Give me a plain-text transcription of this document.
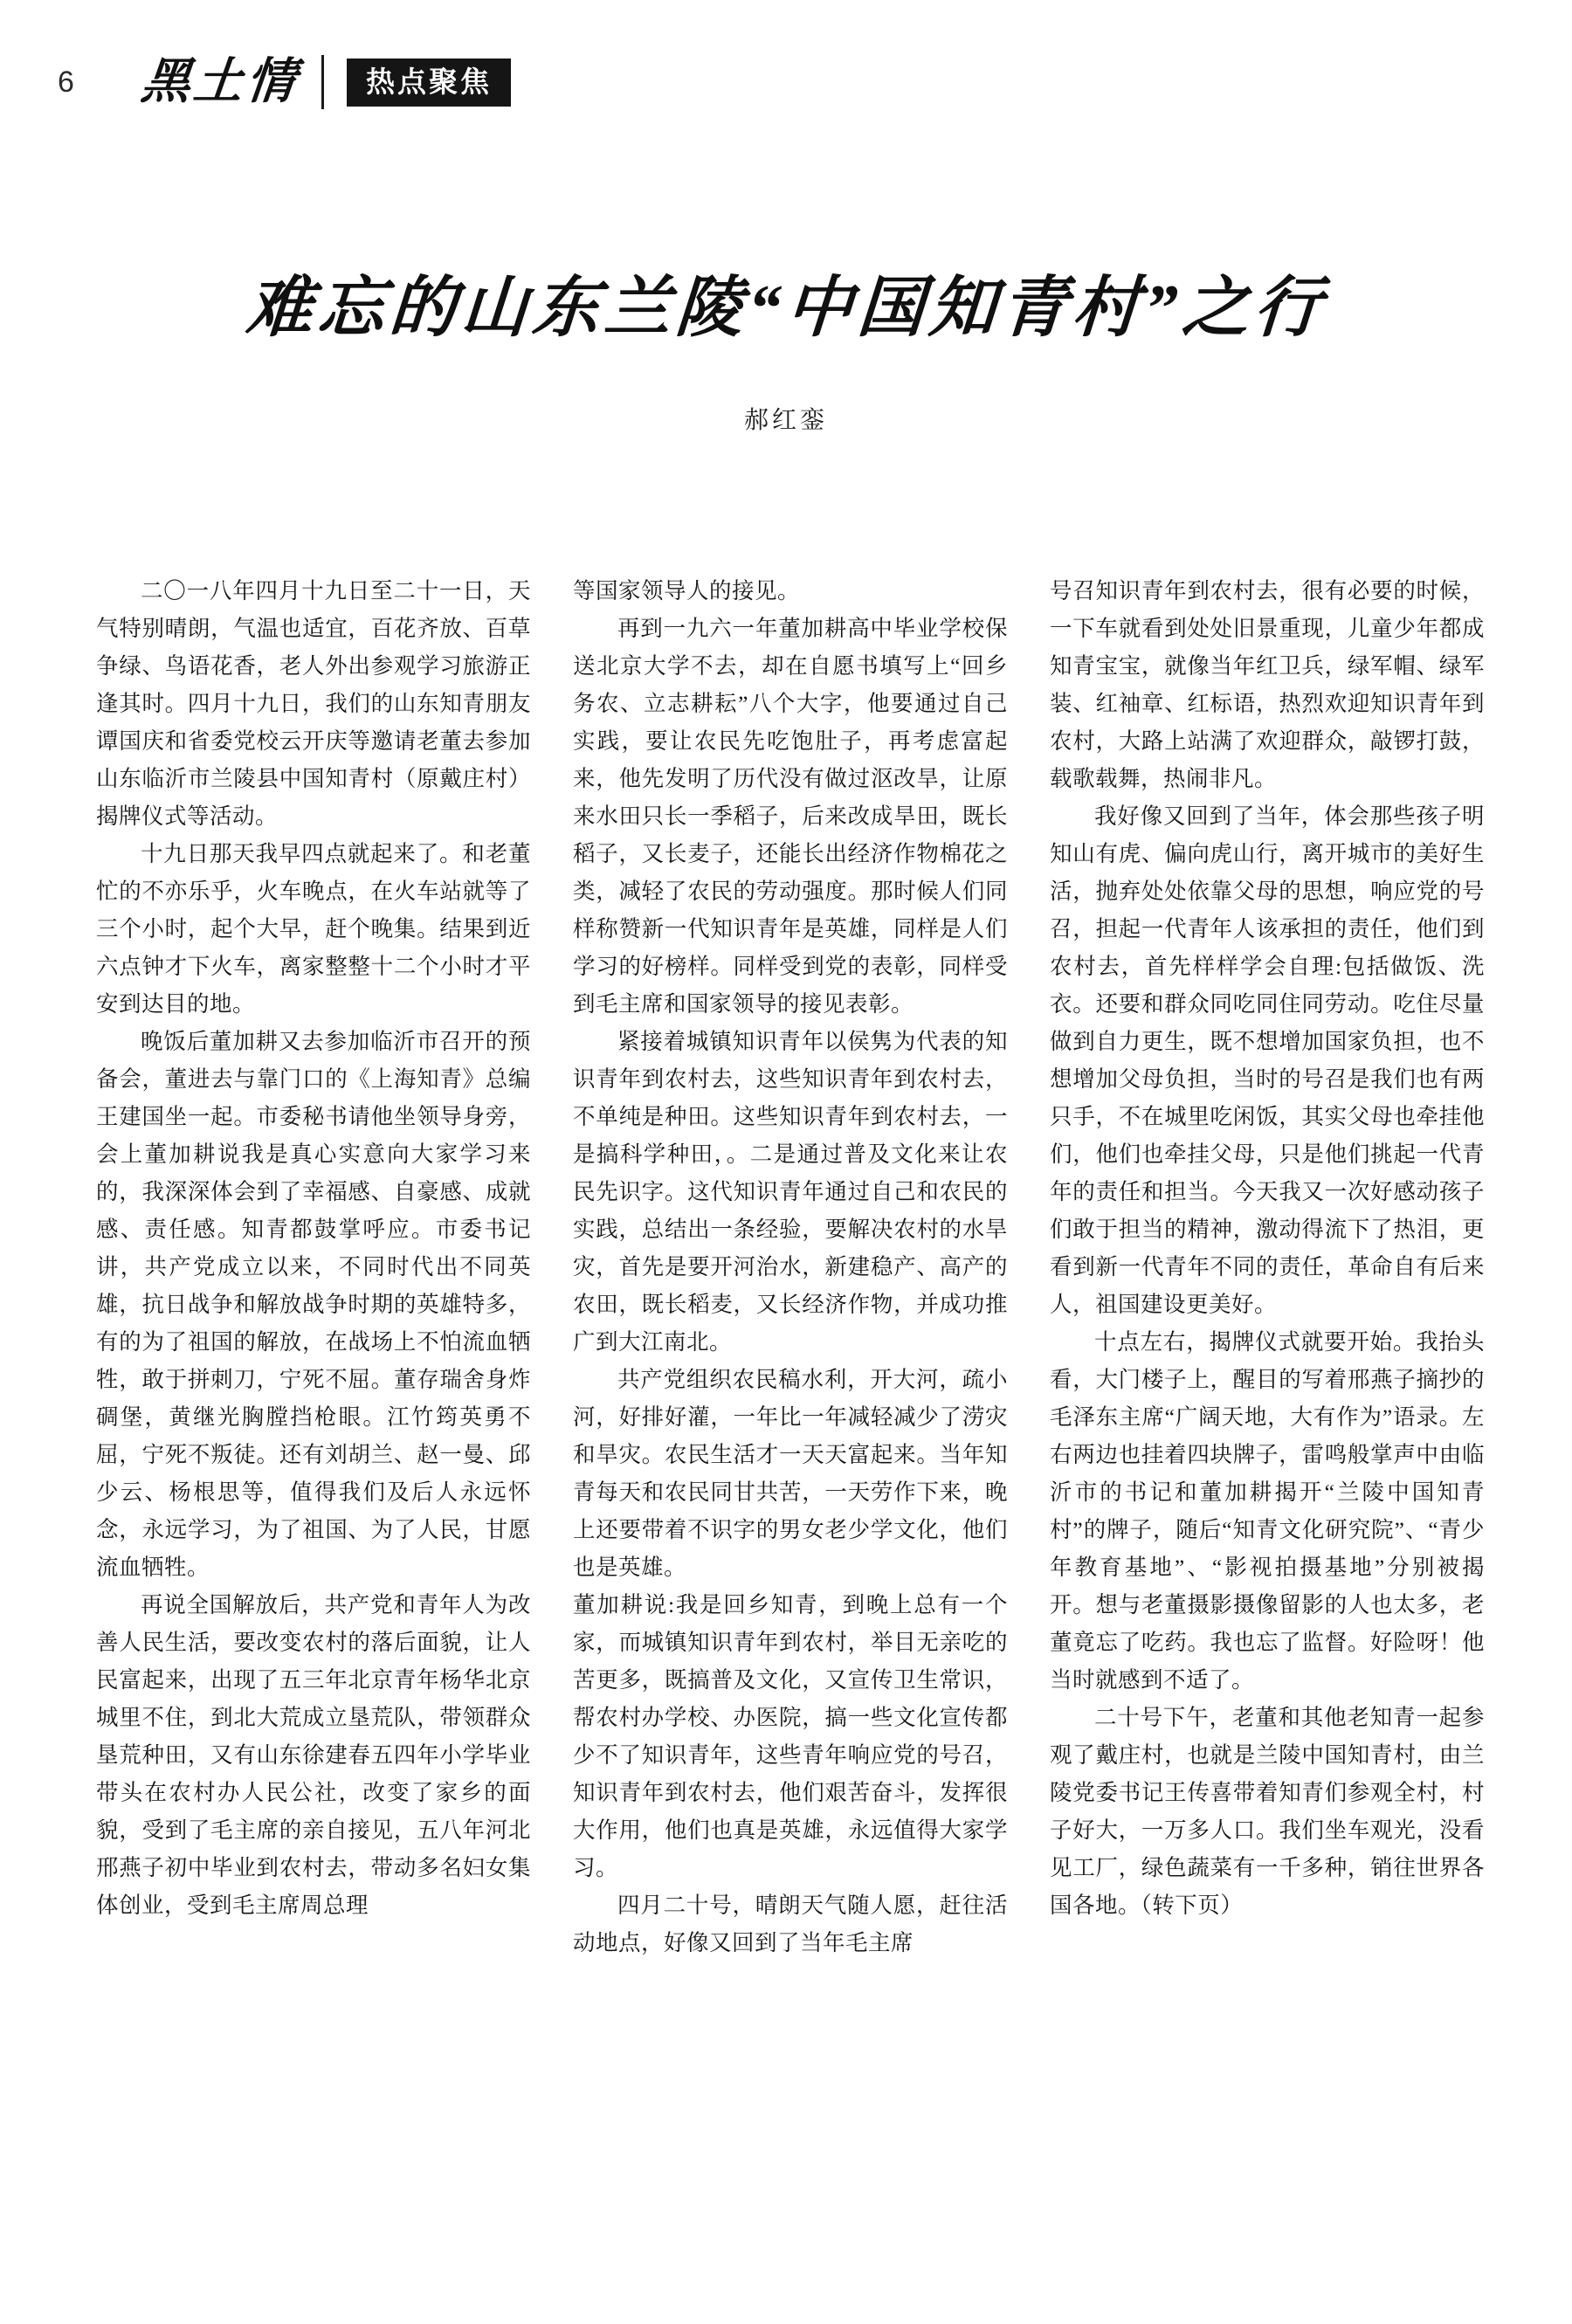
6	黑土情	热点聚焦
难忘的山东兰陵“中国知青村”之行
郝红銮

二〇一八年四月十九日至二十一日，天气特别晴朗，气温也适宜，百花齐放、百草争绿、鸟语花香，老人外出参观学习旅游正逢其时。四月十九日，我们的山东知青朋友谭国庆和省委党校云开庆等邀请老董去参加山东临沂市兰陵县中国知青村（原戴庄村）揭牌仪式等活动。

十九日那天我早四点就起来了。和老董忙的不亦乐乎，火车晚点，在火车站就等了三个小时，起个大早，赶个晚集。结果到近六点钟才下火车，离家整整十二个小时才平安到达目的地。

晚饭后董加耕又去参加临沂市召开的预备会，董进去与靠门口的《上海知青》总编王建国坐一起。市委秘书请他坐领导身旁，会上董加耕说我是真心实意向大家学习来的，我深深体会到了幸福感、自豪感、成就感、责任感。知青都鼓掌呼应。市委书记讲，共产党成立以来，不同时代出不同英雄，抗日战争和解放战争时期的英雄特多，有的为了祖国的解放，在战场上不怕流血牺牲，敢于拼刺刀，宁死不屈。董存瑞舍身炸碉堡，黄继光胸膛挡枪眼。江竹筠英勇不屈，宁死不叛徒。还有刘胡兰、赵一曼、邱少云、杨根思等，值得我们及后人永远怀念，永远学习，为了祖国、为了人民，甘愿流血牺牲。

再说全国解放后，共产党和青年人为改善人民生活，要改变农村的落后面貌，让人民富起来，出现了五三年北京青年杨华北京城里不住，到北大荒成立垦荒队，带领群众垦荒种田，又有山东徐建春五四年小学毕业带头在农村办人民公社，改变了家乡的面貌，受到了毛主席的亲自接见，五八年河北邢燕子初中毕业到农村去，带动多名妇女集体创业，受到毛主席周总理

等国家领导人的接见。

再到一九六一年董加耕高中毕业学校保送北京大学不去，却在自愿书填写上“回乡务农、立志耕耘”八个大字，他要通过自己实践，要让农民先吃饱肚子，再考虑富起来，他先发明了历代没有做过沤改旱，让原来水田只长一季稻子，后来改成旱田，既长稻子，又长麦子，还能长出经济作物棉花之类，减轻了农民的劳动强度。那时候人们同样称赞新一代知识青年是英雄，同样是人们学习的好榜样。同样受到党的表彰，同样受到毛主席和国家领导的接见表彰。

紧接着城镇知识青年以侯隽为代表的知识青年到农村去，这些知识青年到农村去，不单纯是种田。这些知识青年到农村去，一是搞科学种田，。二是通过普及文化来让农民先识字。这代知识青年通过自己和农民的实践，总结出一条经验，要解决农村的水旱灾，首先是要开河治水，新建稳产、高产的农田，既长稻麦，又长经济作物，并成功推广到大江南北。

共产党组织农民稿水利，开大河，疏小河，好排好灌，一年比一年减轻减少了涝灾和旱灾。农民生活才一天天富起来。当年知青每天和农民同甘共苦，一天劳作下来，晚上还要带着不识字的男女老少学文化，他们也是英雄。

董加耕说:我是回乡知青，到晚上总有一个家，而城镇知识青年到农村，举目无亲吃的苦更多，既搞普及文化，又宣传卫生常识，帮农村办学校、办医院，搞一些文化宣传都少不了知识青年，这些青年响应党的号召，知识青年到农村去，他们艰苦奋斗，发挥很大作用，他们也真是英雄，永远值得大家学习。

四月二十号，晴朗天气随人愿，赶往活动地点，好像又回到了当年毛主席

号召知识青年到农村去，很有必要的时候，一下车就看到处处旧景重现，儿童少年都成知青宝宝，就像当年红卫兵，绿军帽、绿军装、红袖章、红标语，热烈欢迎知识青年到农村，大路上站满了欢迎群众，敲锣打鼓，载歌载舞，热闹非凡。

我好像又回到了当年，体会那些孩子明知山有虎、偏向虎山行，离开城市的美好生活，抛弃处处依靠父母的思想，响应党的号召，担起一代青年人该承担的责任，他们到农村去，首先样样学会自理:包括做饭、洗衣。还要和群众同吃同住同劳动。吃住尽量做到自力更生，既不想增加国家负担，也不想增加父母负担，当时的号召是我们也有两只手，不在城里吃闲饭，其实父母也牵挂他们，他们也牵挂父母，只是他们挑起一代青年的责任和担当。今天我又一次好感动孩子们敢于担当的精神，激动得流下了热泪，更看到新一代青年不同的责任，革命自有后来人，祖国建设更美好。

十点左右，揭牌仪式就要开始。我抬头看，大门楼子上，醒目的写着邢燕子摘抄的毛泽东主席“广阔天地，大有作为”语录。左右两边也挂着四块牌子，雷鸣般掌声中由临沂市的书记和董加耕揭开“兰陵中国知青村”的牌子，随后“知青文化研究院”、“青少年教育基地”、“影视拍摄基地”分别被揭开。想与老董摄影摄像留影的人也太多，老董竟忘了吃药。我也忘了监督。好险呀！他当时就感到不适了。

二十号下午，老董和其他老知青一起参观了戴庄村，也就是兰陵中国知青村，由兰陵党委书记王传喜带着知青们参观全村，村子好大，一万多人口。我们坐车观光，没看见工厂，绿色蔬菜有一千多种，销往世界各国各地。（转下页）
